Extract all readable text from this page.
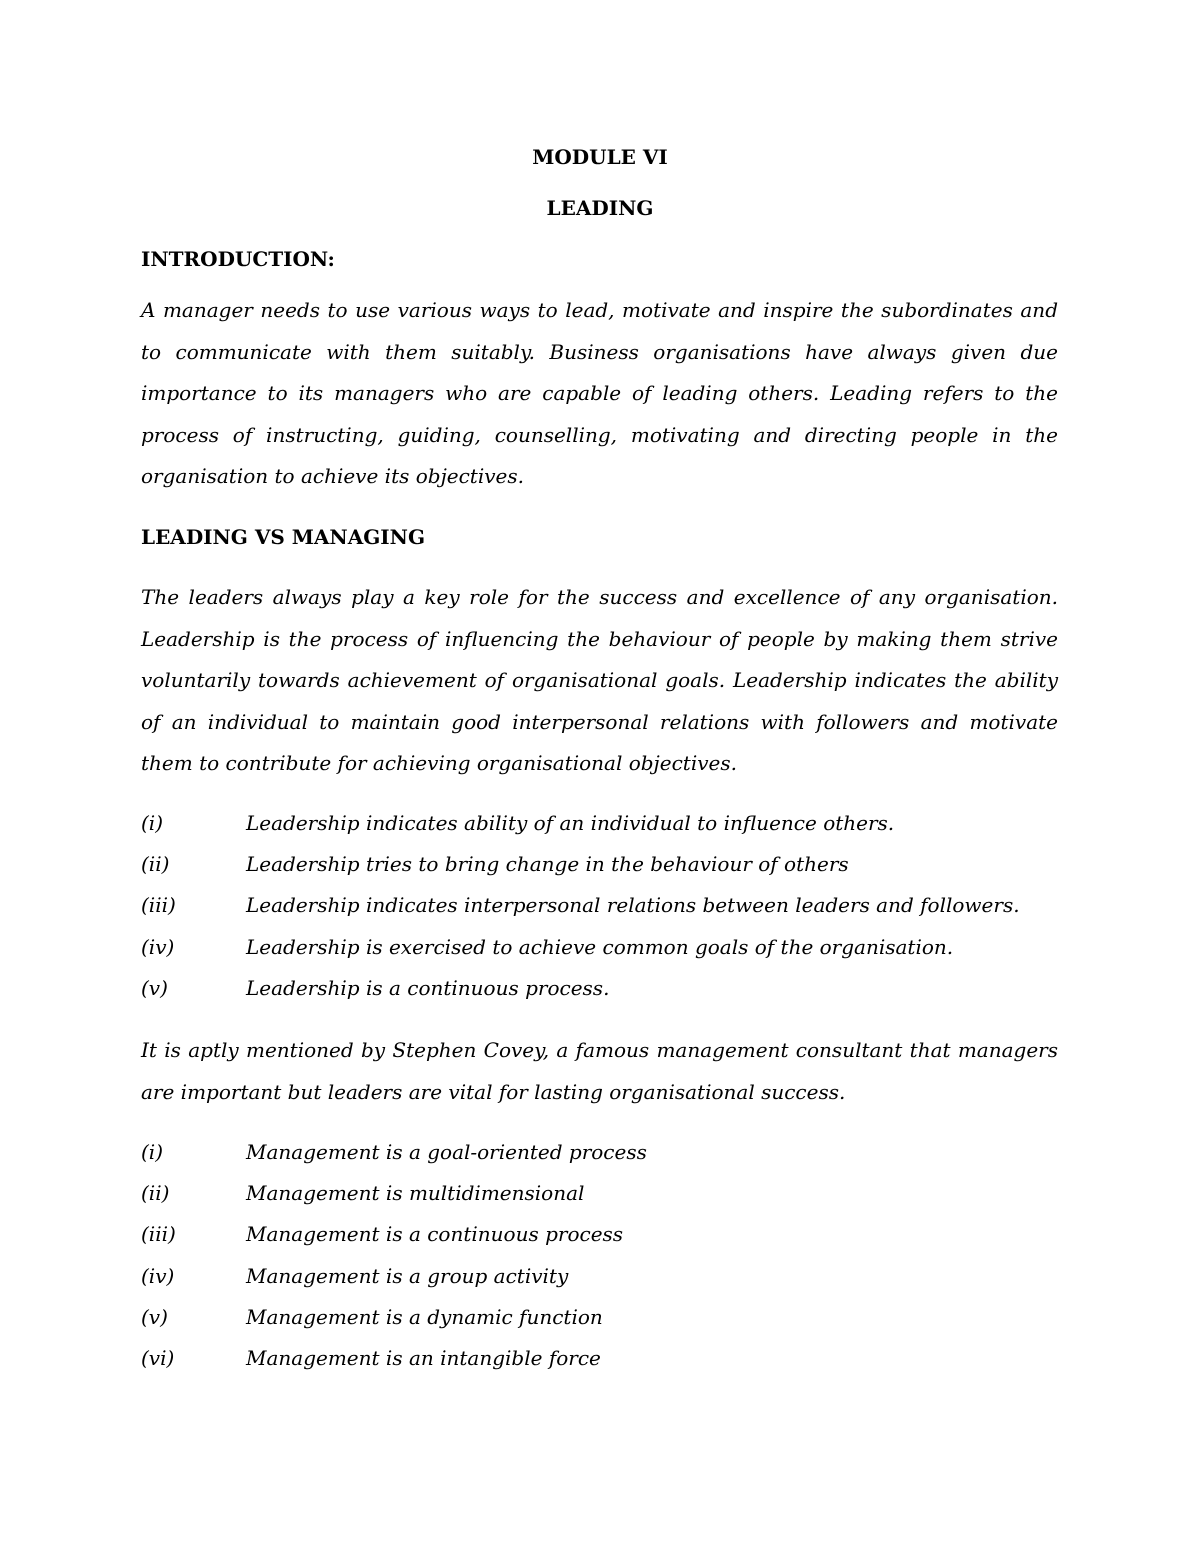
MODULE VI
LEADING
INTRODUCTION:

A manager needs to use various ways to lead, motivate and inspire the subordinates and to communicate with them suitably. Business organisations have always given due importance to its managers who are capable of leading others. Leading refers to the process of instructing, guiding, counselling, motivating and directing people in the organisation to achieve its objectives.

LEADING VS MANAGING

The leaders always play a key role for the success and excellence of any organisation. Leadership is the process of influencing the behaviour of people by making them strive voluntarily towards achievement of organisational goals. Leadership indicates the ability of an individual to maintain good interpersonal relations with followers and motivate them to contribute for achieving organisational objectives.

(i)	Leadership indicates ability of an individual to influence others.
(ii)	Leadership tries to bring change in the behaviour of others
(iii)	Leadership indicates interpersonal relations between leaders and followers.
(iv)	Leadership is exercised to achieve common goals of the organisation.
(v)	Leadership is a continuous process.

It is aptly mentioned by Stephen Covey, a famous management consultant that managers are important but leaders are vital for lasting organisational success.

(i)	Management is a goal-oriented process
(ii)	Management is multidimensional
(iii)	Management is a continuous process
(iv)	Management is a group activity
(v)	Management is a dynamic function
(vi)	Management is an intangible force
